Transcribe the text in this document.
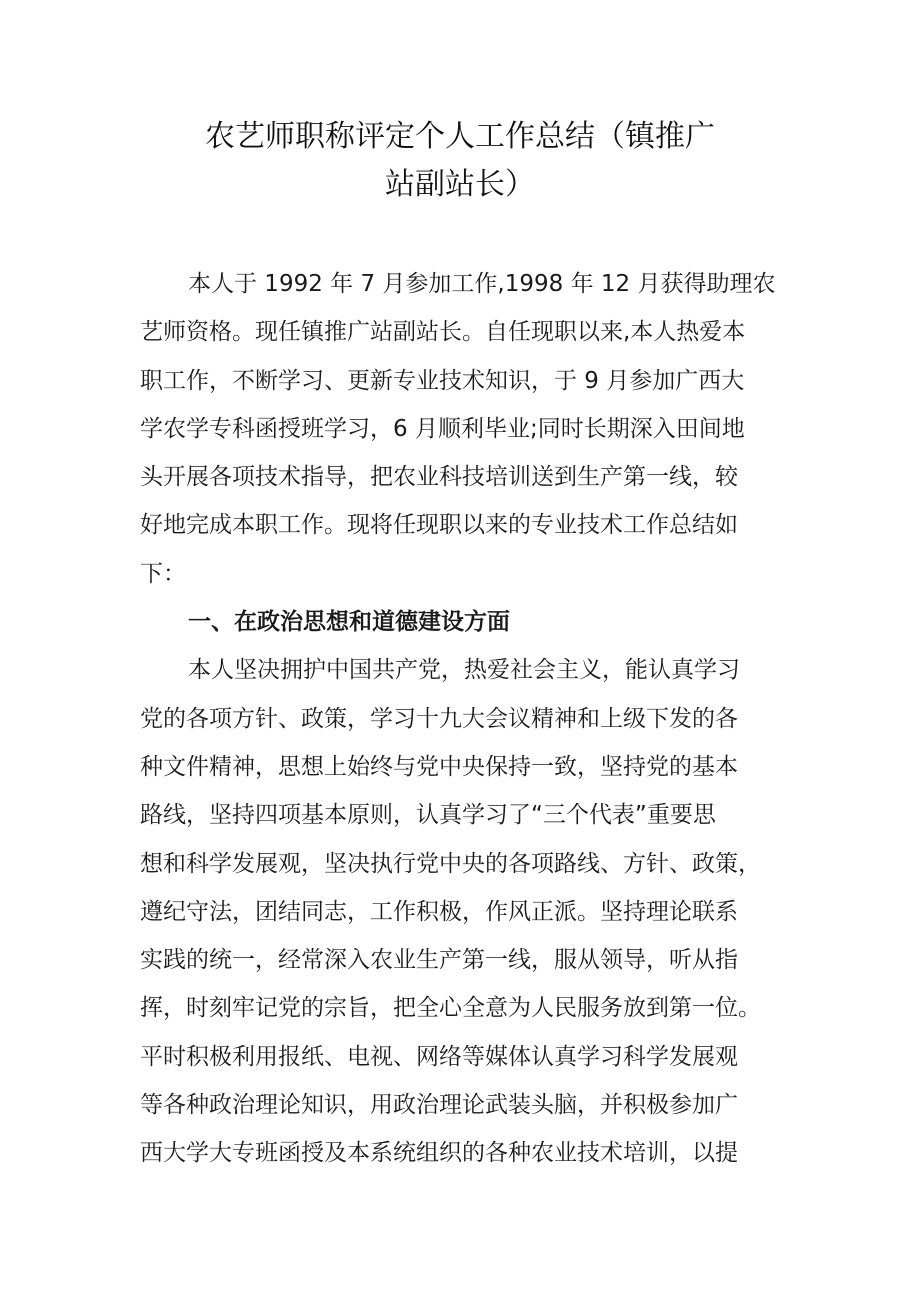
农艺师职称评定个人工作总结（镇推广
站副站长）
本人于 1992 年 7 月参加工作,1998 年 12 月获得助理农
艺师资格。现任镇推广站副站长。自任现职以来,本人热爱本
职工作，不断学习、更新专业技术知识，于 9 月参加广西大
学农学专科函授班学习，6 月顺利毕业;同时长期深入田间地
头开展各项技术指导，把农业科技培训送到生产第一线，较
好地完成本职工作。现将任现职以来的专业技术工作总结如
下：
一、在政治思想和道德建设方面
本人坚决拥护中国共产党，热爱社会主义，能认真学习
党的各项方针、政策，学习十九大会议精神和上级下发的各
种文件精神，思想上始终与党中央保持一致，坚持党的基本
路线，坚持四项基本原则，认真学习了“三个代表”重要思
想和科学发展观，坚决执行党中央的各项路线、方针、政策，
遵纪守法，团结同志，工作积极，作风正派。坚持理论联系
实践的统一，经常深入农业生产第一线，服从领导，听从指
挥，时刻牢记党的宗旨，把全心全意为人民服务放到第一位。
平时积极利用报纸、电视、网络等媒体认真学习科学发展观
等各种政治理论知识，用政治理论武装头脑，并积极参加广
西大学大专班函授及本系统组织的各种农业技术培训，以提
